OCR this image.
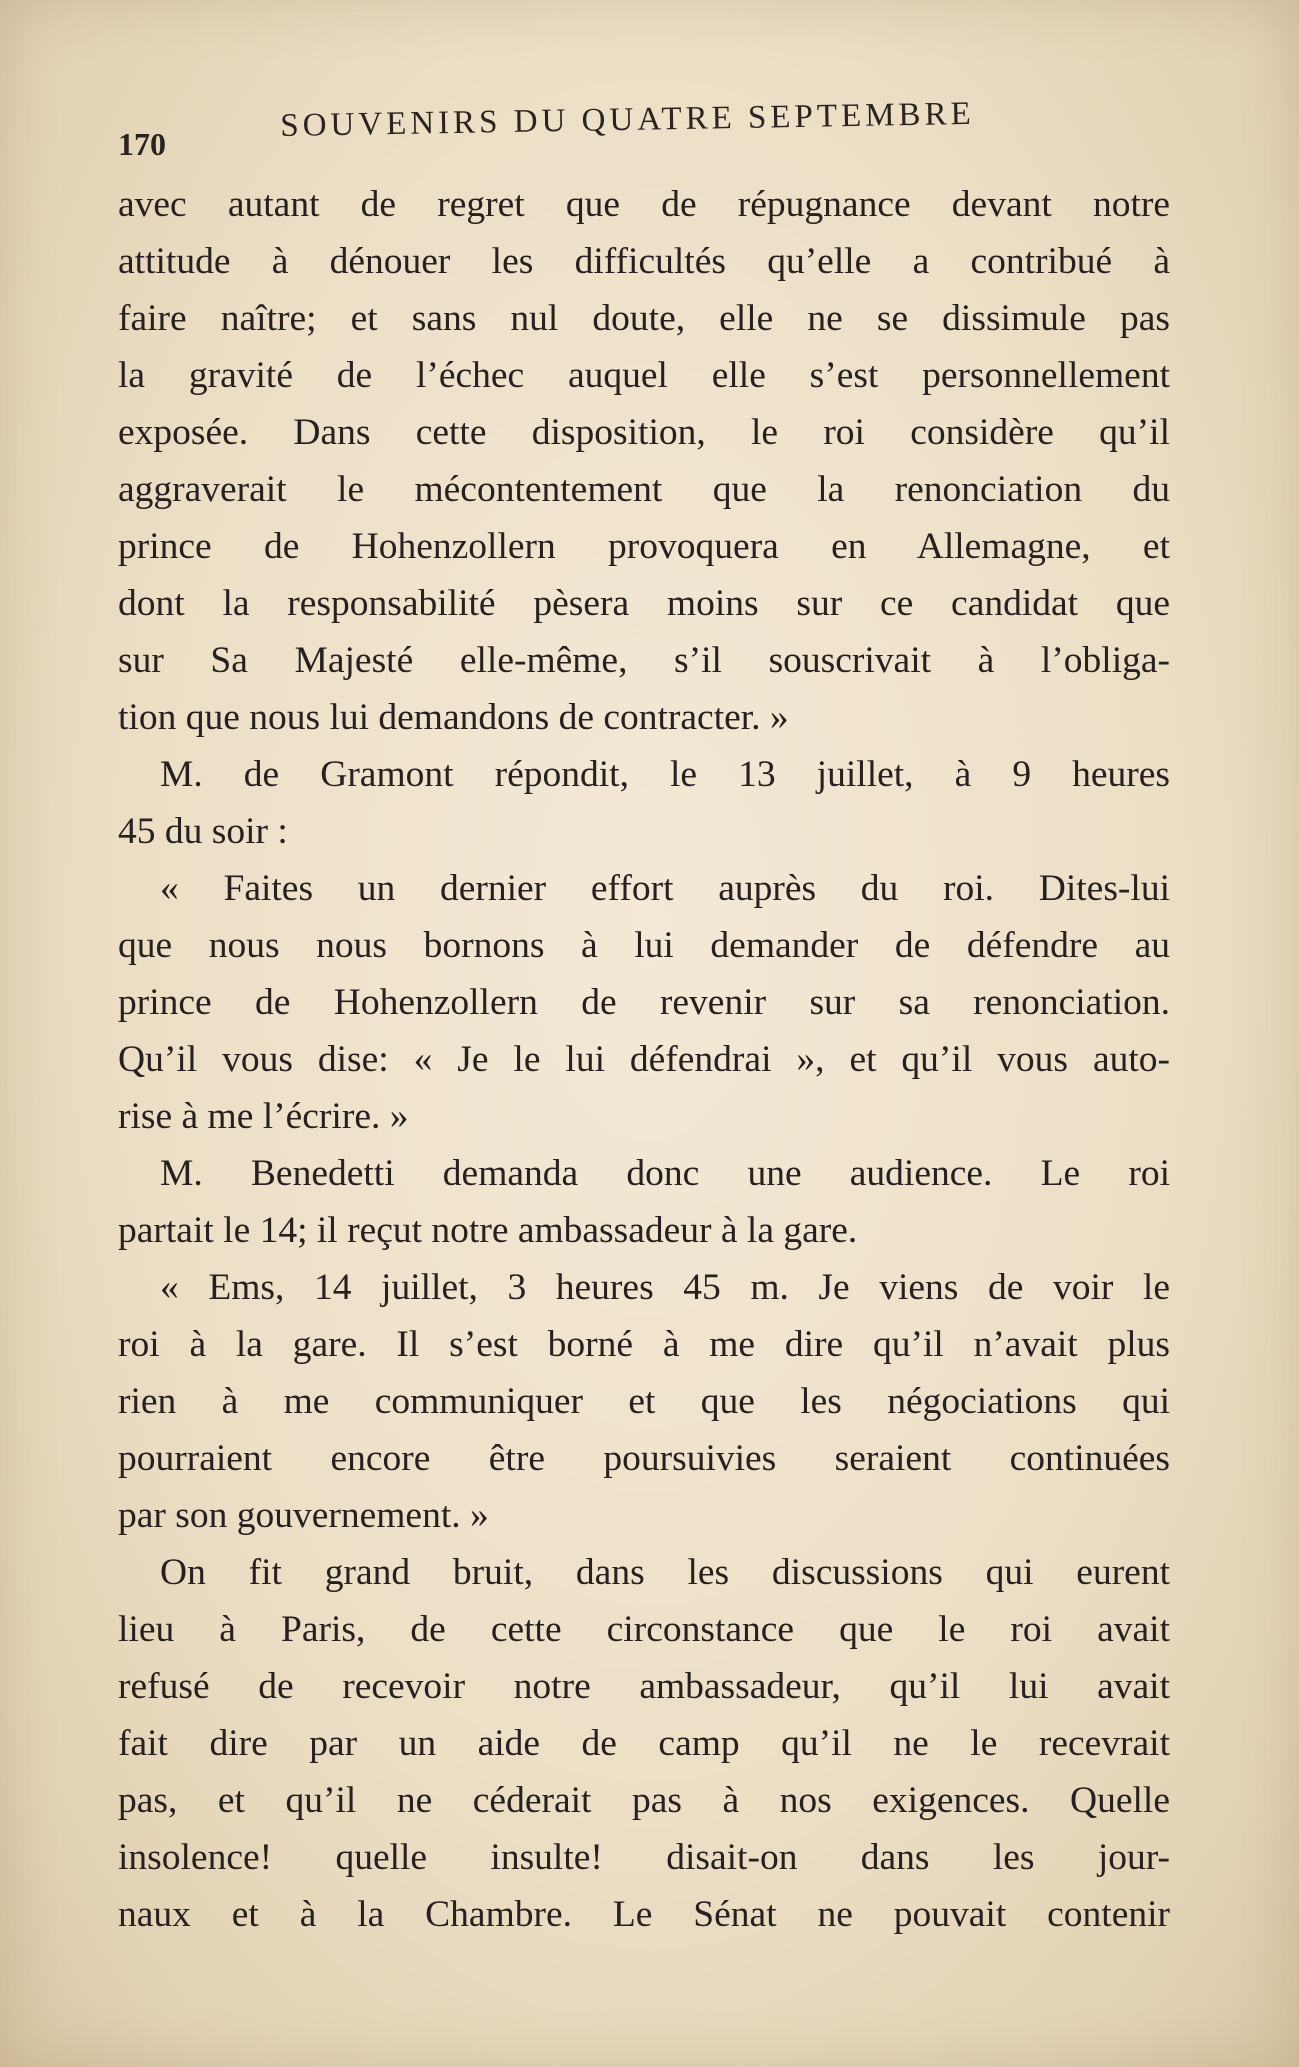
170
SOUVENIRS DU QUATRE SEPTEMBRE
avec autant de regret que de répugnance devant notre
attitude à dénouer les difficultés qu’elle a contribué à
faire naître; et sans nul doute, elle ne se dissimule pas
la gravité de l’échec auquel elle s’est personnellement
exposée. Dans cette disposition, le roi considère qu’il
aggraverait le mécontentement que la renonciation du
prince de Hohenzollern provoquera en Allemagne, et
dont la responsabilité pèsera moins sur ce candidat que
sur Sa Majesté elle-même, s’il souscrivait à l’obliga-
tion que nous lui demandons de contracter. »
M. de Gramont répondit, le 13 juillet, à 9 heures
45 du soir :
« Faites un dernier effort auprès du roi. Dites-lui
que nous nous bornons à lui demander de défendre au
prince de Hohenzollern de revenir sur sa renonciation.
Qu’il vous dise: « Je le lui défendrai », et qu’il vous auto-
rise à me l’écrire. »
M. Benedetti demanda donc une audience. Le roi
partait le 14; il reçut notre ambassadeur à la gare.
« Ems, 14 juillet, 3 heures 45 m. Je viens de voir le
roi à la gare. Il s’est borné à me dire qu’il n’avait plus
rien à me communiquer et que les négociations qui
pourraient encore être poursuivies seraient continuées
par son gouvernement. »
On fit grand bruit, dans les discussions qui eurent
lieu à Paris, de cette circonstance que le roi avait
refusé de recevoir notre ambassadeur, qu’il lui avait
fait dire par un aide de camp qu’il ne le recevrait
pas, et qu’il ne céderait pas à nos exigences. Quelle
insolence! quelle insulte! disait-on dans les jour-
naux et à la Chambre. Le Sénat ne pouvait contenir
